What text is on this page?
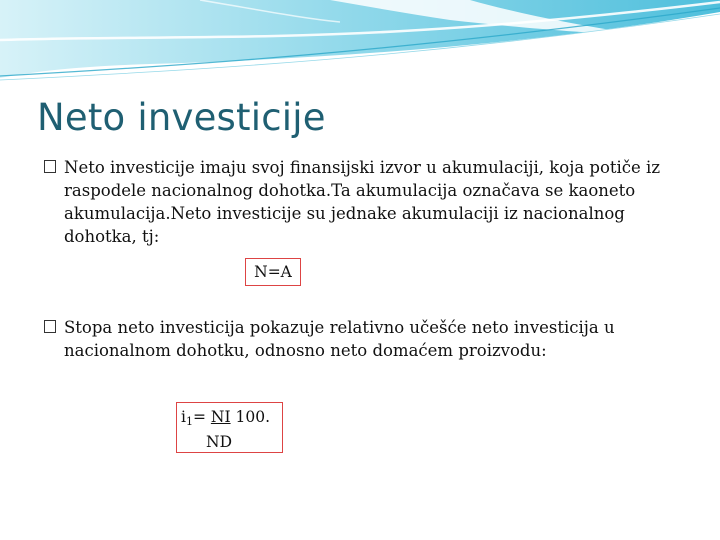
Neto investicije
Neto investicije imaju svoj finansijski izvor u akumulaciji, koja potiče iz raspodele nacionalnog dohotka.Ta akumulacija označava se kaoneto akumulacija.Neto investicije su jednake akumulaciji iz nacionalnog dohotka, tj:
N=A
Stopa neto investicija pokazuje relativno učešće neto investicija u nacionalnom dohotku, odnosno neto domaćem proizvodu:
$i_1=$ NI 100.
ND
